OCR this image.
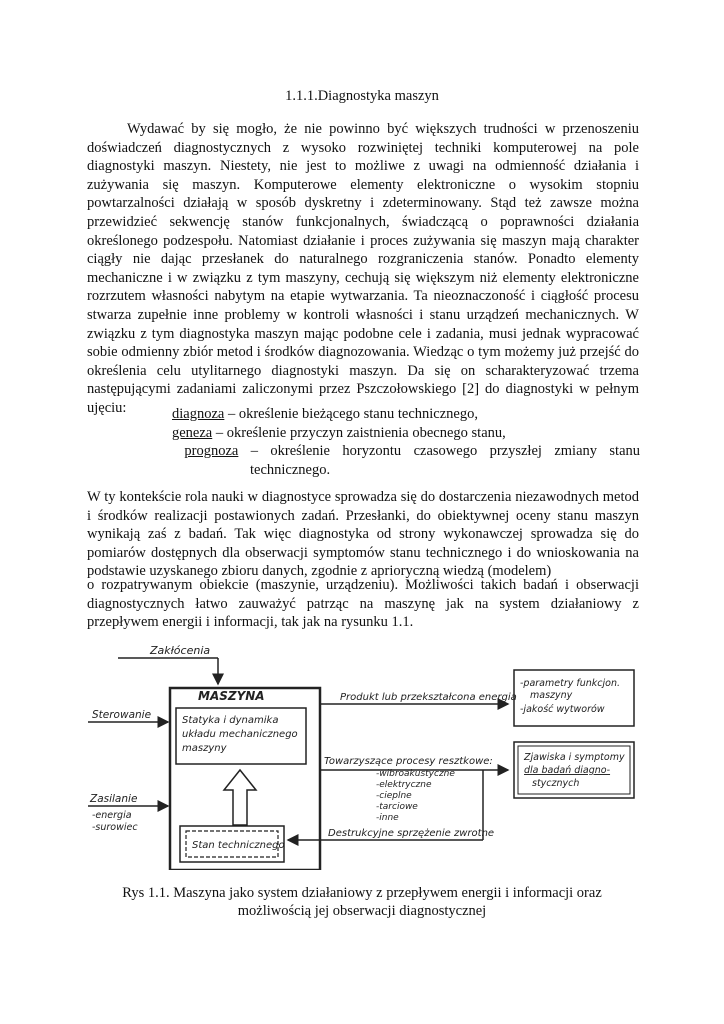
1.1.1.Diagnostyka maszyn

Wydawać by się mogło, że nie powinno być większych trudności w przenoszeniu doświadczeń diagnostycznych z wysoko rozwiniętej techniki komputerowej na pole diagnostyki maszyn. Niestety, nie jest to możliwe z uwagi na odmienność działania i zużywania się maszyn. Komputerowe elementy elektroniczne o wysokim stopniu powtarzalności działają w sposób dyskretny i zdeterminowany. Stąd też zawsze można przewidzieć sekwencję stanów funkcjonalnych, świadczącą o poprawności działania określonego podzespołu. Natomiast działanie i proces zużywania się maszyn mają charakter ciągły nie dając przesłanek do naturalnego rozgraniczenia stanów. Ponadto elementy mechaniczne i w związku z tym maszyny, cechują się większym niż elementy elektroniczne rozrzutem własności nabytym na etapie wytwarzania. Ta nieoznaczoność i ciągłość procesu stwarza zupełnie inne problemy w kontroli własności i stanu urządzeń mechanicznych. W związku z tym diagnostyka maszyn mając podobne cele i zadania, musi jednak wypracować sobie odmienny zbiór metod i środków diagnozowania. Wiedząc o tym możemy już przejść do określenia celu utylitarnego diagnostyki maszyn. Da się on scharakteryzować trzema następującymi zadaniami zaliczonymi przez Pszczołowskiego [2] do diagnostyki w pełnym ujęciu:	diagnoza – określenie bieżącego stanu technicznego,
geneza – określenie przyczyn zaistnienia obecnego stanu,
prognoza – określenie horyzontu czasowego przyszłej zmiany stanu
technicznego.

W ty kontekście rola nauki w diagnostyce sprowadza się do dostarczenia niezawodnych metod i środków realizacji postawionych zadań. Przesłanki, do obiektywnej oceny stanu maszyn wynikają zaś z badań. Tak więc diagnostyka od strony wykonawczej sprowadza się do pomiarów dostępnych dla obserwacji symptomów stanu technicznego i do wnioskowania na podstawie uzyskanego zbioru danych, zgodnie z aprioryczną wiedzą (modelem)

o rozpatrywanym obiekcie (maszynie, urządzeniu). Możliwości takich badań i obserwacji diagnostycznych łatwo zauważyć patrząc na maszynę jak na system działaniowy z przepływem energii i informacji, tak jak na rysunku 1.1.

Zakłócenia
MASZYNA
Sterowanie
Zasilanie
-energia
-surowiec
Statyka i dynamika
układu mechanicznego
maszyny
Stan technicznego
Produkt lub przekształcona energia
-parametry funkcjon.
maszyny
-jakość wytworów
Zjawiska i symptomy
dla badań diagno-
stycznych
Towarzyszące procesy resztkowe:
-wibroakustyczne
-elektryczne
-cieplne
-tarciowe
-inne
Destrukcyjne sprzężenie zwrotne
Rys 1.1. Maszyna jako system działaniowy z przepływem energii i informacji oraz
możliwością jej obserwacji diagnostycznej
